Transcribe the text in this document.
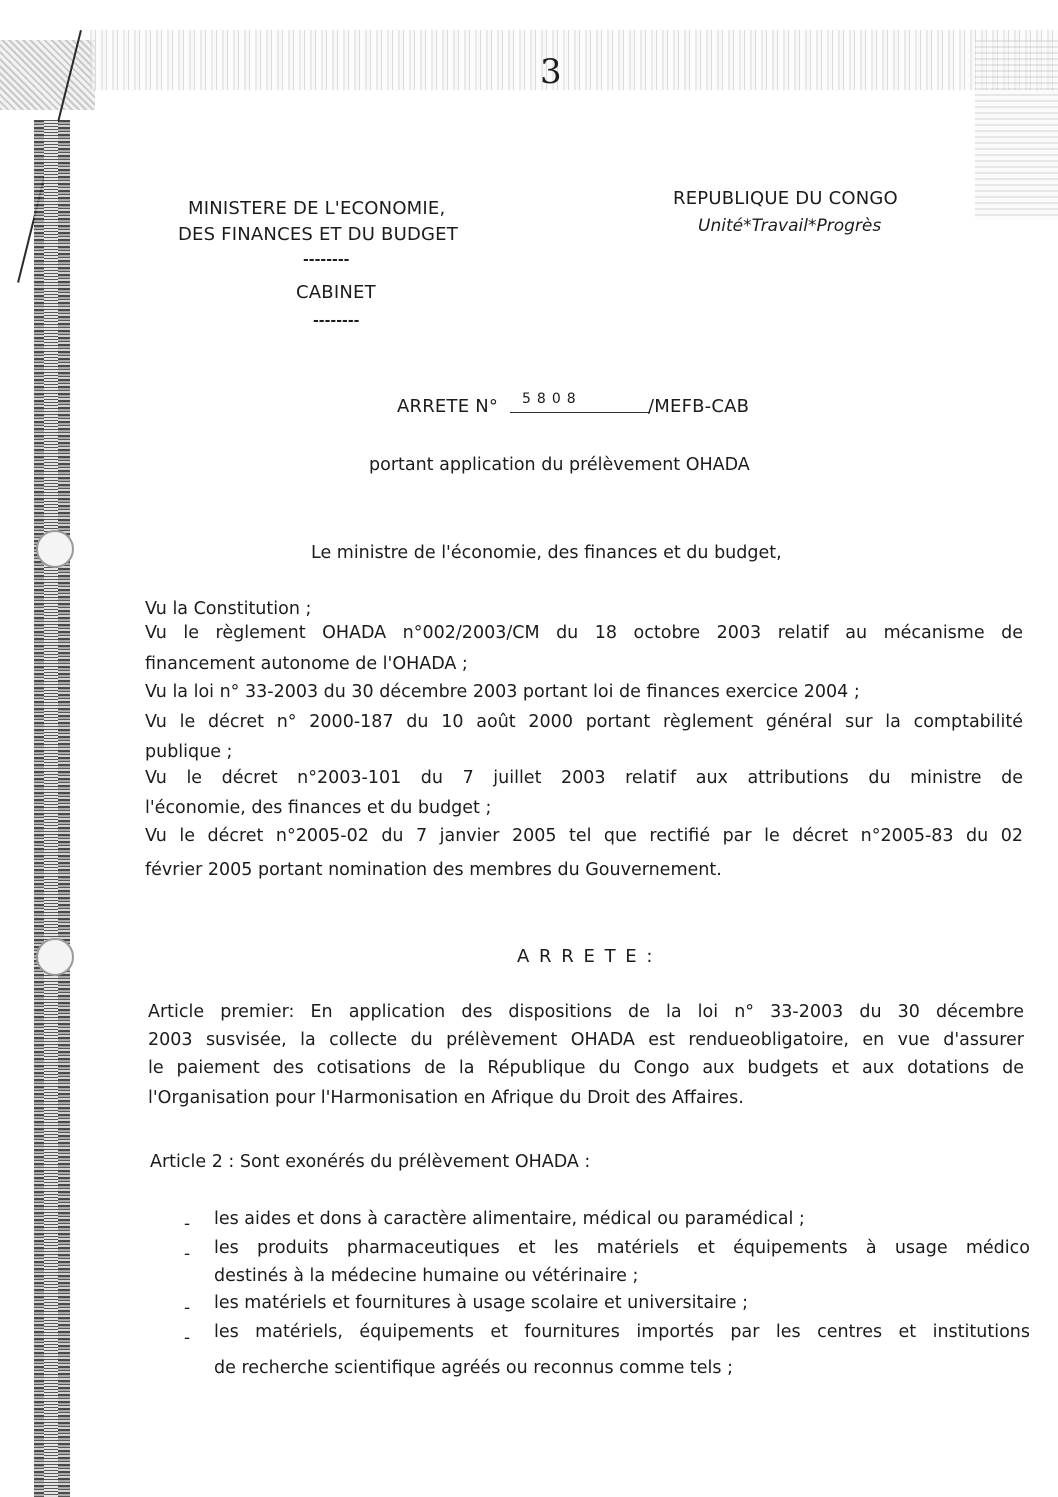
3
MINISTERE DE L'ECONOMIE,
DES FINANCES ET DU BUDGET
--------
CABINET
--------
REPUBLIQUE DU CONGO
Unité*Travail*Progrès
ARRETE N° 5808	/MEFB-CAB
portant application du prélèvement OHADA
Le ministre de l'économie, des finances et du budget,
Vu la Constitution ;
Vu le règlement OHADA n°002/2003/CM du 18 octobre 2003 relatif au mécanisme de
financement autonome de l'OHADA ;
Vu la loi n° 33-2003 du 30 décembre 2003 portant loi de finances exercice 2004 ;
Vu le décret n° 2000-187 du 10 août 2000 portant règlement général sur la comptabilité
publique ;
Vu le décret n°2003-101 du 7 juillet 2003 relatif aux attributions du ministre de
l'économie, des finances et du budget ;
Vu le décret n°2005-02 du 7 janvier 2005 tel que rectifié par le décret n°2005-83 du 02
février 2005 portant nomination des membres du Gouvernement.
A R R E T E :
Article premier: En application des dispositions de la loi n° 33-2003 du 30 décembre
2003 susvisée, la collecte du prélèvement OHADA est rendueobligatoire, en vue d'assurer
le paiement des cotisations de la République du Congo aux budgets et aux dotations de
l'Organisation pour l'Harmonisation en Afrique du Droit des Affaires.
Article 2 : Sont exonérés du prélèvement OHADA :
- les aides et dons à caractère alimentaire, médical ou paramédical ;
- les produits pharmaceutiques et les matériels et équipements à usage médico
destinés à la médecine humaine ou vétérinaire ;
- les matériels et fournitures à usage scolaire et universitaire ;
- les matériels, équipements et fournitures importés par les centres et institutions
de recherche scientifique agréés ou reconnus comme tels ;
